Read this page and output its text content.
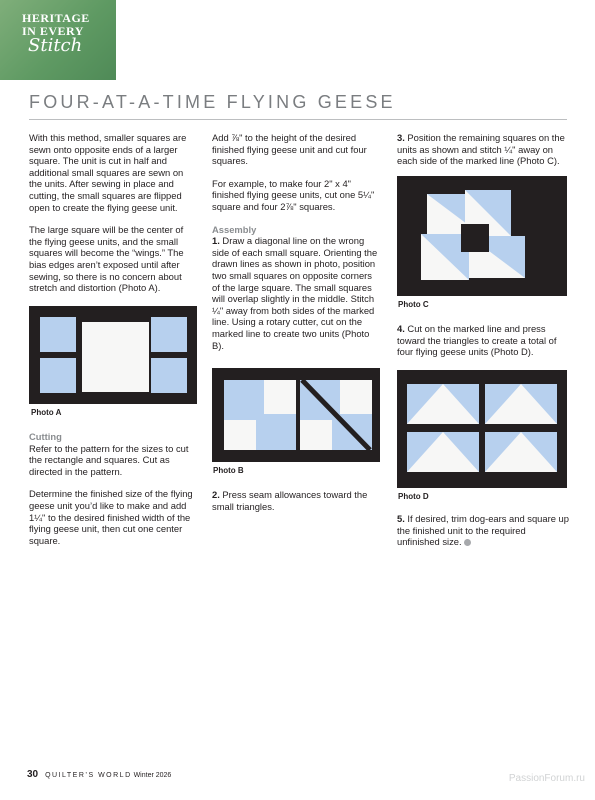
HERITAGE
IN EVERY
Stitch
FOUR-AT-A-TIME FLYING GEESE

With this method, smaller squares are sewn onto opposite ends of a larger square. The unit is cut in half and additional small squares are sewn on the units. After sewing in place and cutting, the small squares are flipped open to create the flying geese unit.

The large square will be the center of the flying geese units, and the small squares will become the “wings.” The bias edges aren’t exposed until after sewing, so there is no concern about stretch and distortion (Photo A).

Photo A

Cutting

Refer to the pattern for the sizes to cut the rectangle and squares. Cut as directed in the pattern.

Determine the finished size of the flying geese unit you’d like to make and add 1¼" to the desired finished width of the flying geese unit, then cut one center square.

Add ⅞" to the height of the desired finished flying geese unit and cut four squares.

For example, to make four 2" x 4" finished flying geese units, cut one 5¼" square and four 2⅞" squares.

Assembly

1. Draw a diagonal line on the wrong side of each small square. Orienting the drawn lines as shown in photo, position two small squares on opposite corners of the large square. The small squares will overlap slightly in the middle. Stitch ¼" away from both sides of the marked line. Using a rotary cutter, cut on the marked line to create two units (Photo B).

Photo B

2. Press seam allowances toward the small triangles.

3. Position the remaining squares on the units as shown and stitch ¼" away on each side of the marked line (Photo C).

Photo C

4. Cut on the marked line and press toward the triangles to create a total of four flying geese units (Photo D).

Photo D

5. If desired, trim dog-ears and square up the finished unit to the required unfinished size.

30 QUILTER’S WORLD Winter 2026	PassionForum.ru
